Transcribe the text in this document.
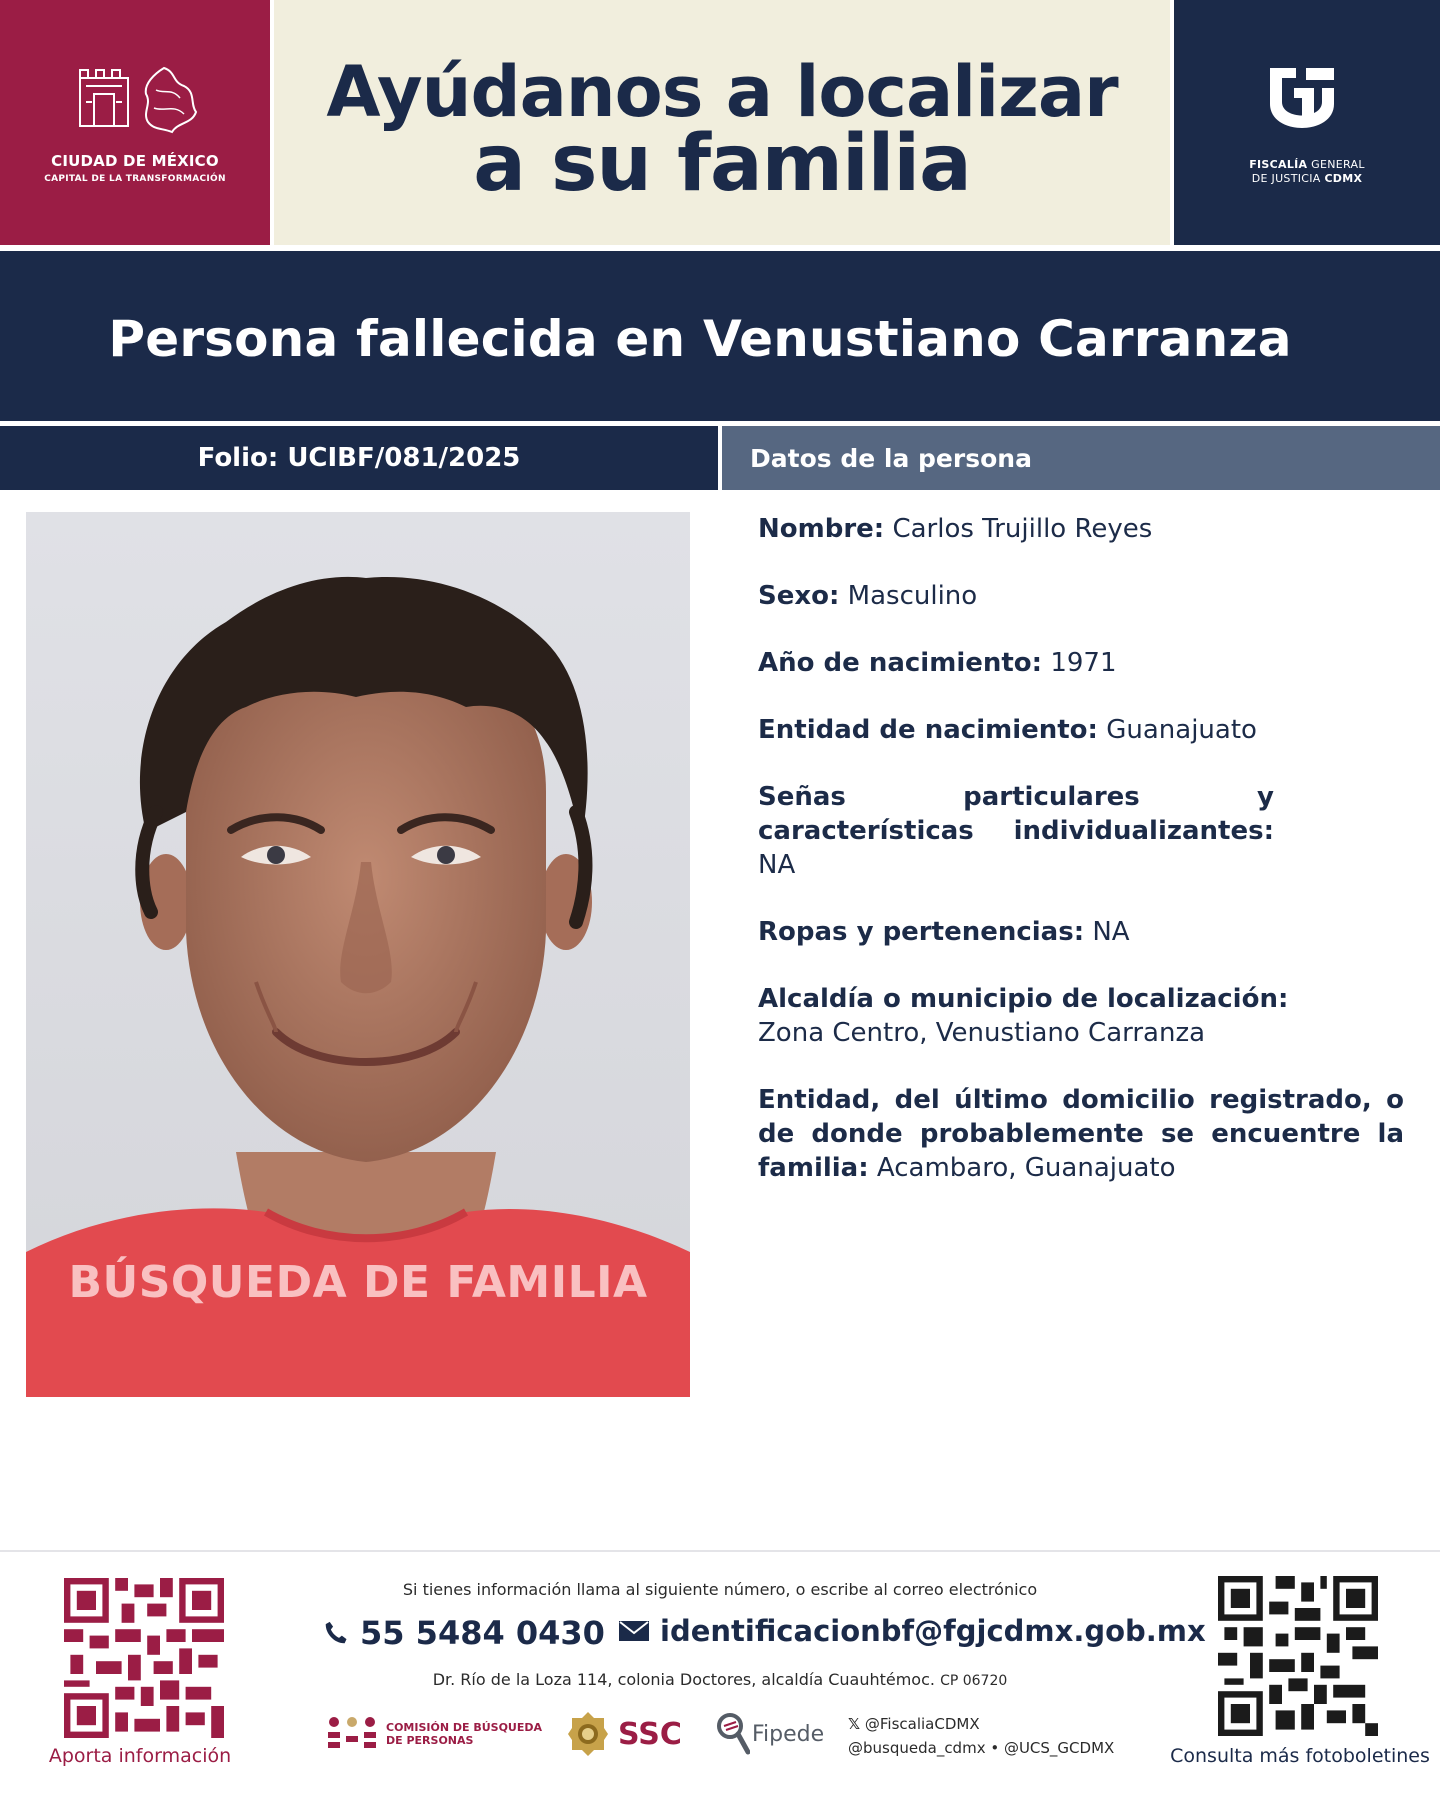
CIUDAD DE MÉXICO
CAPITAL DE LA TRANSFORMACIÓN
Ayúdanos a localizar
a su familia	FISCALÍA GENERAL
DE JUSTICIA CDMX
Persona fallecida en Venustiano Carranza
Folio: UCIBF/081/2025	Datos de la persona
BÚSQUEDA DE FAMILIA
Nombre: Carlos Trujillo Reyes
Sexo: Masculino
Año de nacimiento: 1971
Entidad de nacimiento: Guanajuato
Señas particulares y características individualizantes: NA
Ropas y pertenencias: NA
Alcaldía o municipio de localización: Zona Centro, Venustiano Carranza
Entidad, del último domicilio registrado, o de donde probablemente se encuentre la familia: Acambaro, Guanajuato
Aporta información
Si tienes información llama al siguiente número, o escribe al correo electrónico
55 5484 0430 identificacionbf@fgjcdmx.gob.mx
Dr. Río de la Loza 114, colonia Doctores, alcaldía Cuauhtémoc. CP 06720
COMISIÓN DE BÚSQUEDA
DE PERSONAS	SSC	Fipede 𝕏 @FiscaliaCDMX
@busqueda_cdmx • @UCS_GCDMX	Consulta más fotoboletines
